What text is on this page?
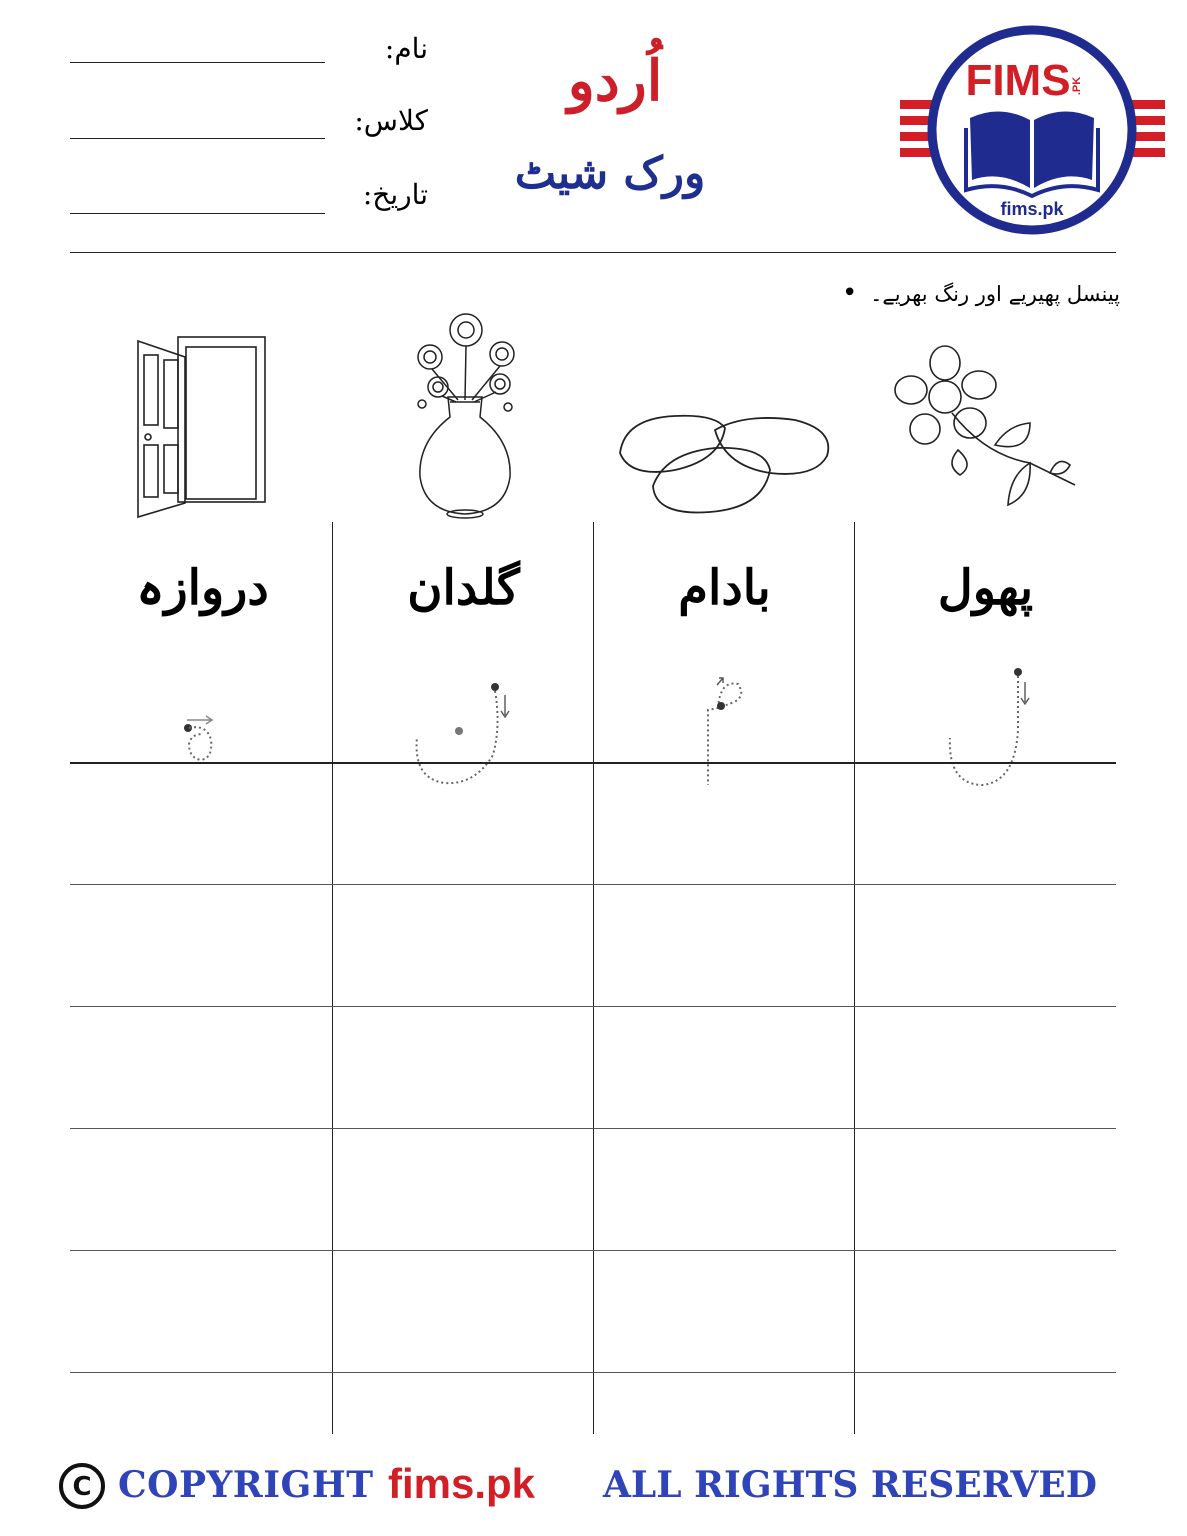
نام:
کلاس:
تاریخ:
اُردو
ورک شیٹ
FIMS .PK
fims.pk
پینسل پھیریے اور رنگ بھریے۔ •
پھول
بادام
گلدان
دروازہ
C COPYRIGHT fims.pk ALL RIGHTS RESERVED
